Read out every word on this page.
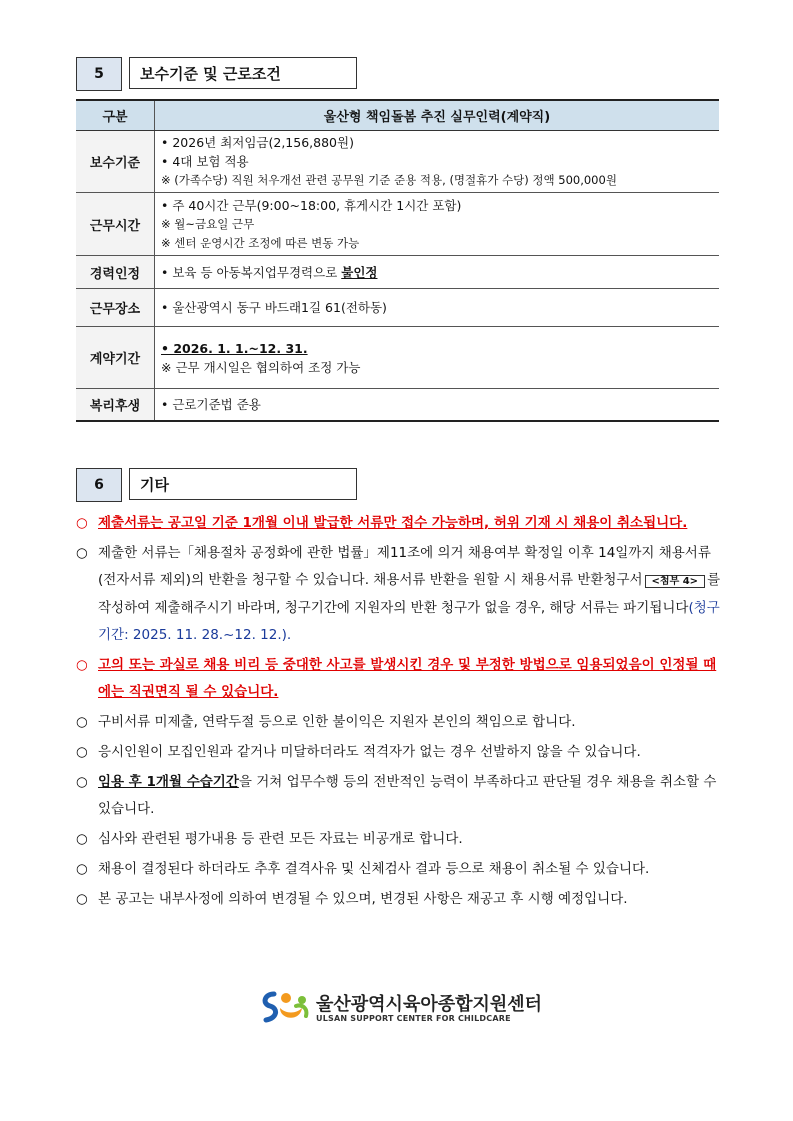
5	보수기준 및 근로조건
구분	울산형 책임돌봄 추진 실무인력(계약직)
보수기준	• 2026년 최저임금(2,156,880원)
• 4대 보험 적용
※ (가족수당) 직원 처우개선 관련 공무원 기준 준용 적용, (명절휴가 수당) 정액 500,000원

근무시간	• 주 40시간 근무(9:00~18:00, 휴게시간 1시간 포함)
※ 월~금요일 근무
※ 센터 운영시간 조정에 따른 변동 가능

경력인정	• 보육 등 아동복지업무경력으로 불인정
근무장소	• 울산광역시 동구 바드래1길 61(전하동)

계약기간	• 2026. 1. 1.~12. 31.
※ 근무 개시일은 협의하여 조정 가능

복리후생	• 근로기준법 준용
6	기타
○ 제출서류는 공고일 기준 1개월 이내 발급한 서류만 접수 가능하며, 허위 기재 시 채용이 취소됩니다.
○ 제출한 서류는「채용절차 공정화에 관한 법률」제11조에 의거 채용여부 확정일 이후 14일까지 채용서류(전자서류 제외)의 반환을 청구할 수 있습니다. 채용서류 반환을 원할 시 채용서류 반환청구서 <첨부 4> 를 작성하여 제출해주시기 바라며, 청구기간에 지원자의 반환 청구가 없을 경우, 해당 서류는 파기됩니다(청구기간: 2025. 11. 28.~12. 12.).
○ 고의 또는 과실로 채용 비리 등 중대한 사고를 발생시킨 경우 및 부정한 방법으로 임용되었음이 인정될 때에는 직권면직 될 수 있습니다.
○ 구비서류 미제출, 연락두절 등으로 인한 불이익은 지원자 본인의 책임으로 합니다.
○ 응시인원이 모집인원과 같거나 미달하더라도 적격자가 없는 경우 선발하지 않을 수 있습니다.
○ 임용 후 1개월 수습기간을 거쳐 업무수행 등의 전반적인 능력이 부족하다고 판단될 경우 채용을 취소할 수 있습니다.
○ 심사와 관련된 평가내용 등 관련 모든 자료는 비공개로 합니다.
○ 채용이 결정된다 하더라도 추후 결격사유 및 신체검사 결과 등으로 채용이 취소될 수 있습니다.
○ 본 공고는 내부사정에 의하여 변경될 수 있으며, 변경된 사항은 재공고 후 시행 예정입니다.
울산광역시육아종합지원센터
ULSAN SUPPORT CENTER FOR CHILDCARE
